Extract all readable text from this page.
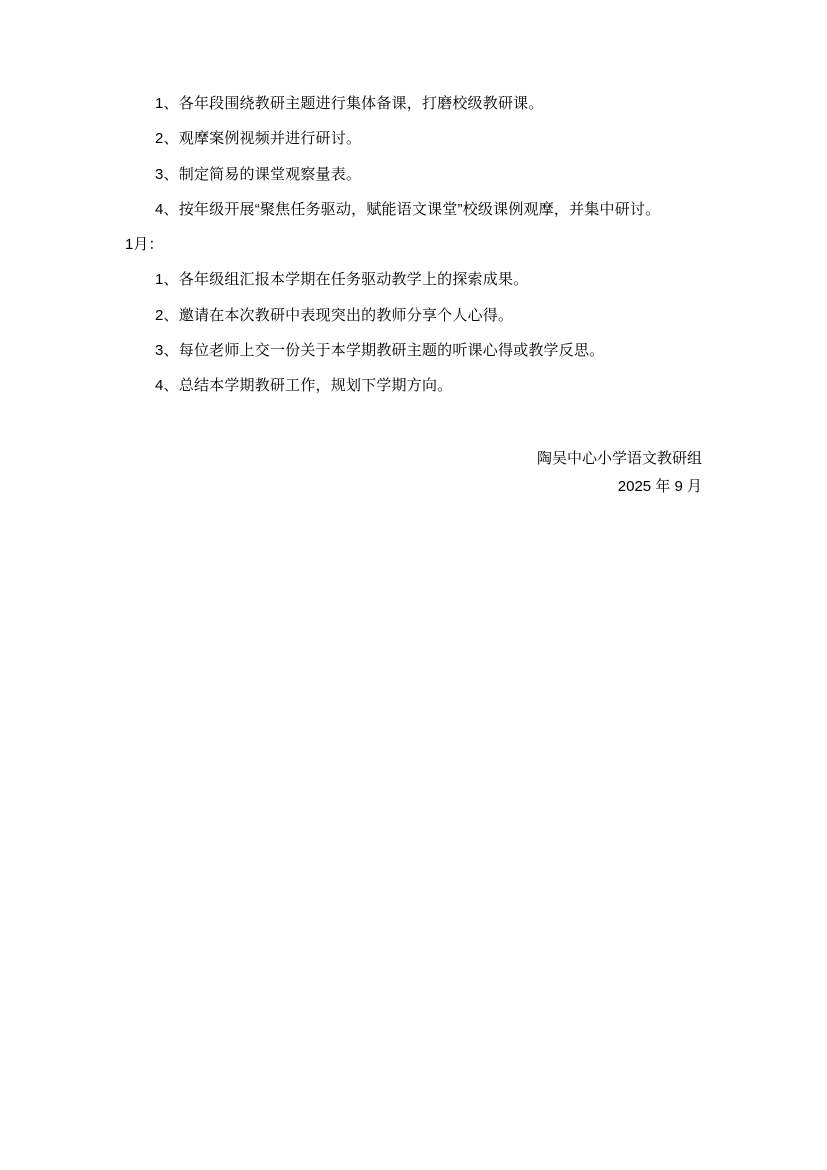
1、各年段围绕教研主题进行集体备课，打磨校级教研课。

2、观摩案例视频并进行研讨。

3、制定简易的课堂观察量表。

4、按年级开展“聚焦任务驱动，赋能语文课堂”校级课例观摩，并集中研讨。

1月：

1、各年级组汇报本学期在任务驱动教学上的探索成果。

2、邀请在本次教研中表现突出的教师分享个人心得。

3、每位老师上交一份关于本学期教研主题的听课心得或教学反思。

4、总结本学期教研工作，规划下学期方向。

陶吴中心小学语文教研组
2025 年 9 月
